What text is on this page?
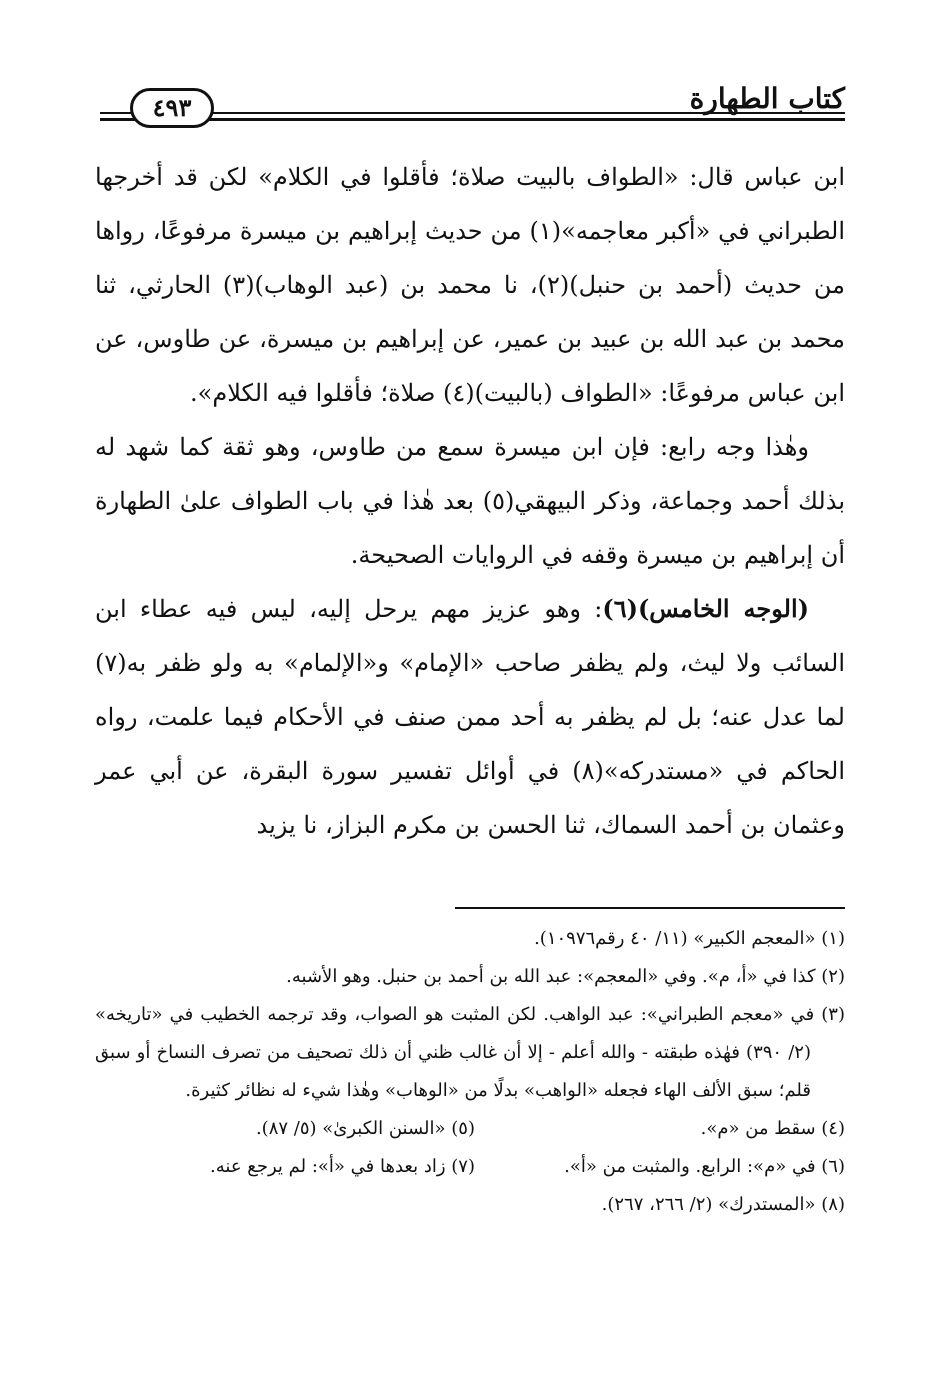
كتاب الطهارة
٤٩٣

ابن عباس قال: «الطواف بالبيت صلاة؛ فأقلوا في الكلام» لكن قد أخرجها الطبراني في «أكبر معاجمه»(١) من حديث إبراهيم بن ميسرة مرفوعًا، رواها من حديث (أحمد بن حنبل)(٢)، نا محمد بن (عبد الوهاب)(٣) الحارثي، ثنا محمد بن عبد الله بن عبيد بن عمير، عن إبراهيم بن ميسرة، عن طاوس، عن ابن عباس مرفوعًا: «الطواف (بالبيت)(٤) صلاة؛ فأقلوا فيه الكلام».

وهٰذا وجه رابع: فإن ابن ميسرة سمع من طاوس، وهو ثقة كما شهد له بذلك أحمد وجماعة، وذكر البيهقي(٥) بعد هٰذا في باب الطواف علىٰ الطهارة أن إبراهيم بن ميسرة وقفه في الروايات الصحيحة.

(الوجه الخامس)(٦): وهو عزيز مهم يرحل إليه، ليس فيه عطاء ابن السائب ولا ليث، ولم يظفر صاحب «الإمام» و«الإلمام» به ولو ظفر به(٧) لما عدل عنه؛ بل لم يظفر به أحد ممن صنف في الأحكام فيما علمت، رواه الحاكم في «مستدركه»(٨) في أوائل تفسير سورة البقرة، عن أبي عمر وعثمان بن أحمد السماك، ثنا الحسن بن مكرم البزاز، نا يزيد

(١) «المعجم الكبير» (١١/ ٤٠ رقم١٠٩٧٦).

(٢) كذا في «أ، م». وفي «المعجم»: عبد الله بن أحمد بن حنبل. وهو الأشبه.

(٣) في «معجم الطبراني»: عبد الواهب. لكن المثبت هو الصواب، وقد ترجمه الخطيب في «تاريخه» (٢/ ٣٩٠) فهٰذه طبقته - والله أعلم - إلا أن غالب ظني أن ذلك تصحيف من تصرف النساخ أو سبق قلم؛ سبق الألف الهاء فجعله «الواهب» بدلًا من «الوهاب» وهٰذا شيء له نظائر كثيرة.

(٤) سقط من «م».

(٥) «السنن الكبرىٰ» (٥/ ٨٧).

(٦) في «م»: الرابع. والمثبت من «أ».

(٧) زاد بعدها في «أ»: لم يرجع عنه.

(٨) «المستدرك» (٢/ ٢٦٦، ٢٦٧).
